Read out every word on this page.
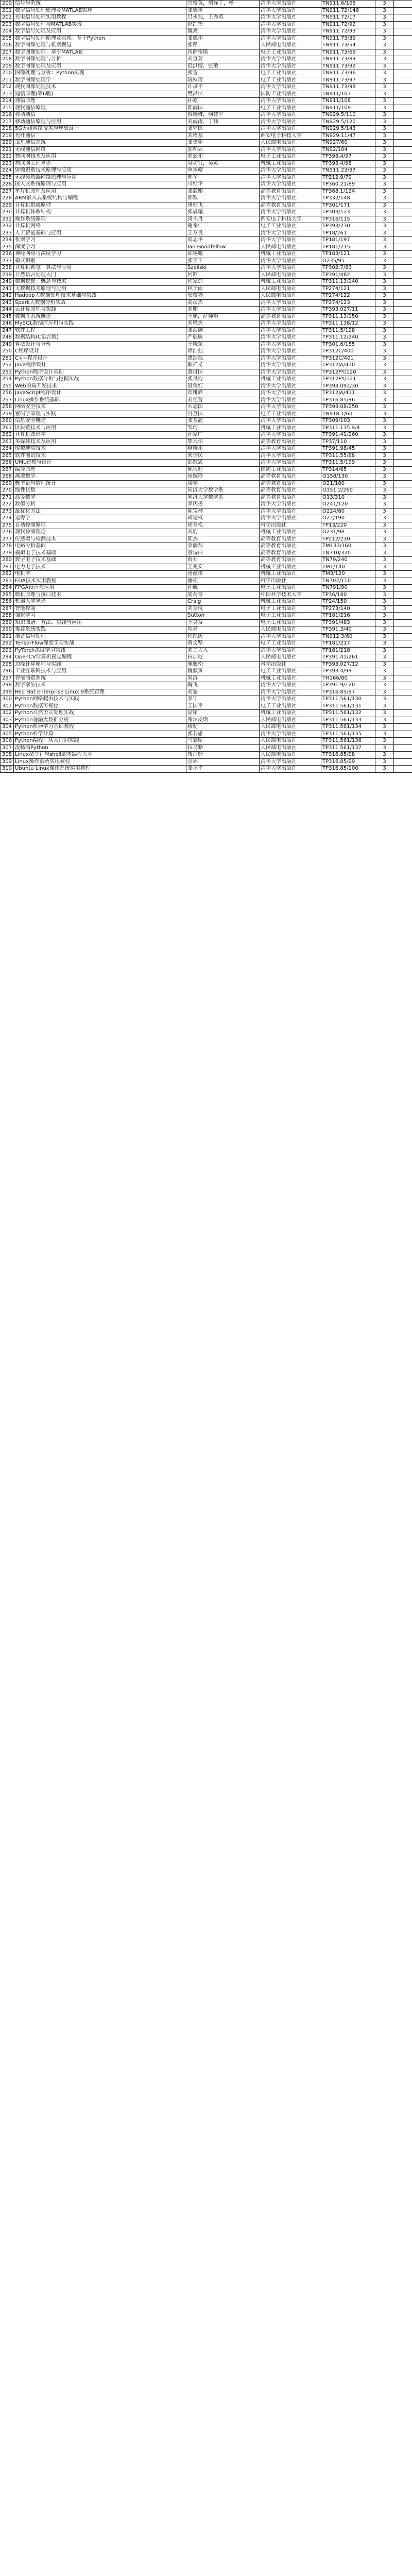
200	信号与系统	甘俊英，胡异丁，杨	清华大学出版社	TN911.6/105	3	
201	数字信号处理原理及MATLAB实现	张德丰	清华大学出版社	TN911.72/146	3	
202	光电信号处理实用教程	吕永强，王秀英	清华大学出版社	TN911.72/17	3	
203	数字信号处理与MATLAB实现	赵红怡	清华大学出版社	TN911.72/92	3	
204	数字信号处理及应用	魏爽	清华大学出版社	TN911.72/93	3	
205	数字信号处理原理及实现：基于Python	张德丰	清华大学出版社	TN911.73/39	3	
206	数字图像处理与机器视觉	张铮	人民邮电出版社	TN911.73/54	3	
207	数字图像处理：基于MATLAB	冈萨雷斯	电子工业出版社	TN911.73/66	3	
208	数字图像处理与分析	刘直芳	清华大学出版社	TN911.73/89	3	
209	数字图像处理及应用	范洪博，张敏	清华大学出版社	TN911.73/92	3	
210	图像处理与分析：Python实现	张雪	电子工业出版社	TN911.73/96	3	
211	数字图像处理学	阮秋琦	电子工业出版社	TN911.73/97	3	
212	现代图像处理技术	许录平	清华大学出版社	TN911.73/98	3	
213	通信原理(第6版)	樊昌信	国防工业出版社	TN911/107	3	
214	通信原理	孙屹	清华大学出版社	TN911/108	3	
215	现代通信原理	陈海国	电子工业出版社	TN911/109	3	
216	移动通信	蔡晓琳，何建平	清华大学出版社	TN929.5/110	3	
217	移动通信原理与应用	刘海涛，丁伟	清华大学出版社	TN929.5/120	3	
218	5G无线网络技术与规划设计	张守国	清华大学出版社	TN929.5/143	3	
219	光纤通信	刘增基	西安电子科技大学	TN929.11/47	3	
220	卫星通信系统	张更新	人民邮电出版社	TN927/60	3	
221	无线通信网络	郭梯云	清华大学出版社	TN92/104	3	
222	物联网技术及应用	刘幺和	电子工业出版社	TP393.4/97	3	
223	物联网工程导论	吴功宜，吴英	机械工业出版社	TP393.4/98	3	
224	射频识别技术原理与应用	单承赣	清华大学出版社	TN911.23/97	3	
225	无线传感器网络原理与应用	郑军	清华大学出版社	TP212.9/79	3	
226	嵌入式系统原理与应用	马维华	清华大学出版社	TP360.21/89	3	
227	单片机原理及应用	张毅刚	高等教育出版社	TP368.1/124	3	
228	ARM嵌入式系统结构与编程	邱铁	清华大学出版社	TP332/148	3	
229	计算机组成原理	唐朔飞	高等教育出版社	TP301/171	3	
230	计算机体系结构	张晨曦	清华大学出版社	TP303/123	3	
231	操作系统原理	汤小丹	西安电子科技大学	TP316/115	3	
232	计算机网络	谢希仁	电子工业出版社	TP393/230	3	
233	人工智能基础与应用	王万良	清华大学出版社	TP18/261	3	
234	机器学习	周志华	清华大学出版社	TP181/197	3	
235	深度学习	Ian Goodfellow	人民邮电出版社	TP181/215	3	
236	神经网络与深度学习	邱锡鹏	机械工业出版社	TP183/121	3	
237	模式识别	张学工	清华大学出版社	O235/95	3	
238	计算机视觉：算法与应用	Szeliski	清华大学出版社	TP302.7/83	3	
239	自然语言处理入门	何晗	人民邮电出版社	TP391/482	3	
240	数据挖掘：概念与技术	韩家炜	机械工业出版社	TP311.13/140	3	
241	大数据技术原理与应用	林子雨	人民邮电出版社	TP274/121	3	
242	Hadoop大数据处理技术基础与实践	安俊秀	人民邮电出版社	TP274/122	3	
243	Spark大数据分析实战	高彦杰	清华大学出版社	TP274/123	3	
244	云计算原理与实践	刘鹏	清华大学出版社	TP393.027/11	3	
245	数据库系统概论	王珊，萨师煊	高等教育出版社	TP311.13/150	3	
246	MySQL数据库应用与实践	刘增杰	清华大学出版社	TP311.138/12	3	
247	软件工程	张海藩	清华大学出版社	TP311.5/198	3	
248	数据结构(C语言版)	严蔚敏	清华大学出版社	TP311.12/240	3	
249	算法设计与分析	王晓东	清华大学出版社	TP301.6/155	3	
250	C程序设计	谭浩强	清华大学出版社	TP312C/400	3	
251	C++程序设计	谭浩强	清华大学出版社	TP312C/401	3	
252	Java程序设计	耿祥义	清华大学出版社	TP312JA/410	3	
253	Python程序设计基础	董付国	清华大学出版社	TP312PY/120	3	
254	Python数据分析与挖掘实战	张良均	机械工业出版社	TP312PY/121	3	
255	Web前端开发技术	聂常红	清华大学出版社	TP393.092/30	3	
256	JavaScript程序设计	郑娅峰	清华大学出版社	TP312JA/411	3	
257	Linux操作系统基础	刘忆智	清华大学出版社	TP316.85/96	3	
258	网络安全技术	石志国	清华大学出版社	TP393.08/250	3	
259	密码学原理与实践	冯登国	电子工业出版社	TN918.1/60	3	
260	信息安全概论	张基温	清华大学出版社	TP309/103	3	
261	区块链技术与应用	邹均	机械工业出版社	TP311.135.9/4	3	
262	计算机图形学	孙家广	清华大学出版社	TP391.41/260	3	
263	多媒体技术及应用	鄂大伟	高等教育出版社	TP37/110	3	
264	虚拟现实技术	喻晓和	清华大学出版社	TP391.98/45	3	
265	软件测试技术	朱少民	清华大学出版社	TP311.55/88	3	
266	UML建模与设计	邵维忠	清华大学出版社	TP311.5/199	3	
267	编译原理	陈火旺	国防工业出版社	TP314/65	3	
268	离散数学	屈婉玲	高等教育出版社	O158/130	3	
269	概率论与数理统计	盛骤	高等教育出版社	O21/180	3	
270	线性代数	同济大学数学系	高等教育出版社	O151.2/260	3	
271	高等数学	同济大学数学系	高等教育出版社	O13/310	3	
272	数值分析	李庆扬	清华大学出版社	O241/120	3	
273	最优化方法	陈宝林	清华大学出版社	O224/80	3	
274	运筹学	胡运权	清华大学出版社	O22/190	3	
275	自动控制原理	胡寿松	科学出版社	TP13/220	3	
276	现代控制理论	刘豹	机械工业出版社	O231/98	3	
277	传感器与检测技术	陈杰	高等教育出版社	TP212/230	3	
278	电路分析基础	李瀚荪	高等教育出版社	TM133/160	3	
279	模拟电子技术基础	童诗白	高等教育出版社	TN710/320	3	
280	数字电子技术基础	阎石	高等教育出版社	TN79/240	3	
281	电力电子技术	王兆安	机械工业出版社	TM1/140	3	
282	电机学	汤蕴璆	机械工业出版社	TM3/120	3	
283	EDA技术实用教程	潘松	科学出版社	TN702/110	3	
284	FPGA设计与应用	孙航	电子工业出版社	TN791/90	3	
285	微机原理与接口技术	周荷琴	中国科学技术大学	TP36/180	3	
286	机器人学导论	Craig	机械工业出版社	TP24/150	3	
287	智能控制	刘金琨	电子工业出版社	TP273/140	3	
288	强化学习	Sutton	电子工业出版社	TP181/216	3	
289	知识图谱：方法、实践与应用	王昊奋	电子工业出版社	TP391/483	3	
290	推荐系统实践	项亮	人民邮电出版社	TP391.3/40	3	
291	语音信号处理	韩纪庆	清华大学出版社	TN912.3/60	3	
292	TensorFlow深度学习实战	黄文坚	电子工业出版社	TP181/217	3	
293	PyTorch深度学习实践	刘二大人	清华大学出版社	TP181/218	3	
294	OpenCV计算机视觉编程	拉加尼	人民邮电出版社	TP391.41/261	3	
295	边缘计算原理与实践	施巍松	科学出版社	TP393.027/12	3	
296	工业互联网技术与应用	魏毅寅	电子工业出版社	TP393.4/99	3	
297	智能制造系统	周济	机械工业出版社	TH166/80	3	
298	数字孪生技术	陶飞	清华大学出版社	TP391.9/120	3	
299	Red Hat Enterprise Linux 9系统管理	刘遄	清华大学出版社	TP316.85/97	3	
300	Python网络爬虫技术与实践	李宁	清华大学出版社	TP311.561/130	3	
301	Python数据可视化	王国平	电子工业出版社	TP311.561/131	3	
302	Python自然语言处理实战	涂铭	机械工业出版社	TP311.561/132	3	
303	Python金融大数据分析	希尔皮斯	人民邮电出版社	TP311.561/133	3	
304	Python机器学习基础教程	穆勒	人民邮电出版社	TP311.561/134	3	
305	Python科学计算	张若愚	清华大学出版社	TP311.561/135	3	
306	Python编程：从入门到实践	马瑟斯	人民邮电出版社	TP311.561/136	3	
307	流畅的Python	拉马略	人民邮电出版社	TP311.561/137	3	
308	Linux命令行与shell脚本编程大全	布卢姆	人民邮电出版社	TP316.85/98	3	
309	Linux操作系统实用教程	金韬	清华大学出版社	TP316.85/99	3	
310	Ubuntu Linux操作系统实用教程	张小平	清华大学出版社	TP316.85/100	3	
